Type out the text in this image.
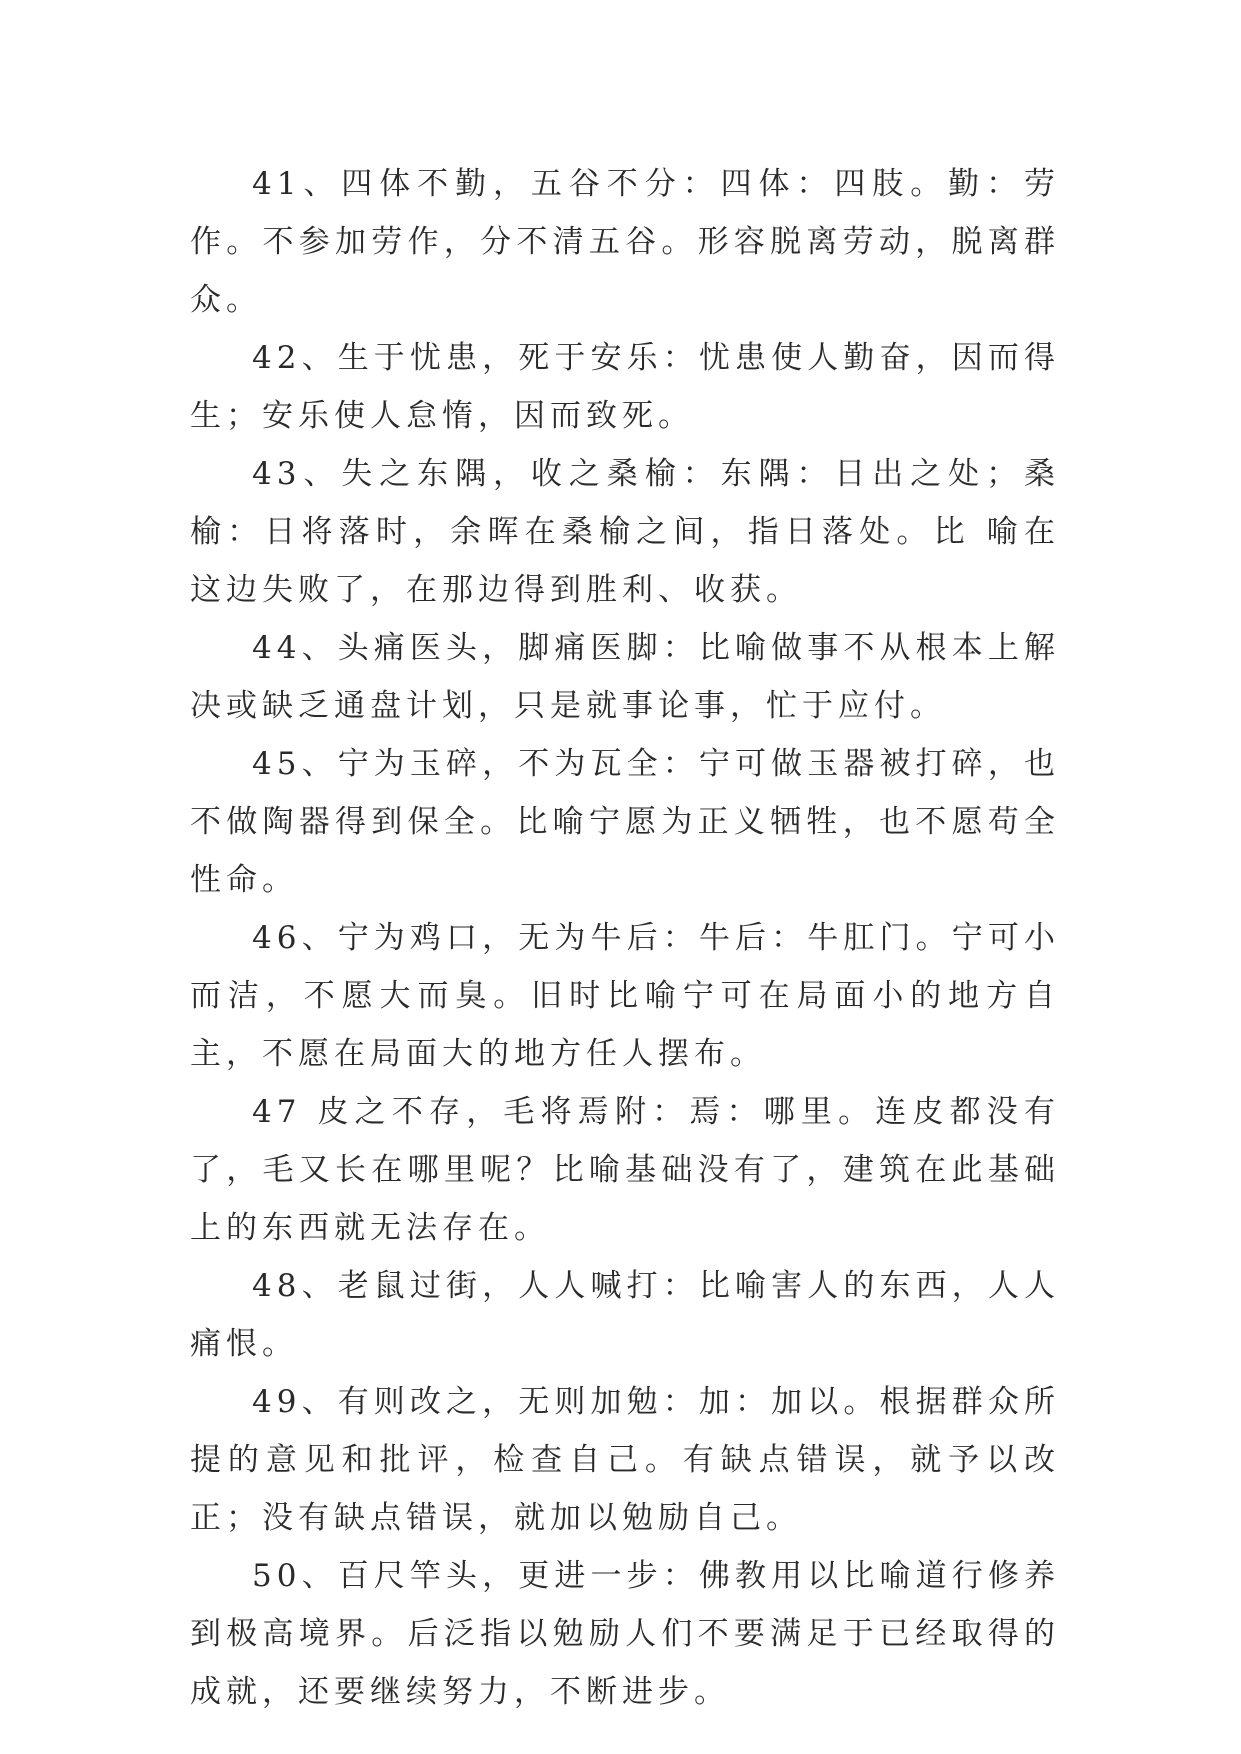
41、四体不勤，五谷不分：四体：四肢。勤：劳作。不参加劳作，分不清五谷。形容脱离劳动，脱离群众。

42、生于忧患，死于安乐：忧患使人勤奋，因而得生；安乐使人怠惰，因而致死。

43、失之东隅，收之桑榆：东隅：日出之处；桑榆：日将落时，余晖在桑榆之间，指日落处。比 喻在这边失败了，在那边得到胜利、收获。

44、头痛医头，脚痛医脚：比喻做事不从根本上解决或缺乏通盘计划，只是就事论事，忙于应付。

45、宁为玉碎，不为瓦全：宁可做玉器被打碎，也不做陶器得到保全。比喻宁愿为正义牺牲，也不愿苟全性命。

46、宁为鸡口，无为牛后：牛后：牛肛门。宁可小而洁，不愿大而臭。旧时比喻宁可在局面小的地方自主，不愿在局面大的地方任人摆布。

47 皮之不存，毛将焉附：焉：哪里。连皮都没有了，毛又长在哪里呢？比喻基础没有了，建筑在此基础上的东西就无法存在。

48、老鼠过街，人人喊打：比喻害人的东西，人人痛恨。

49、有则改之，无则加勉：加：加以。根据群众所提的意见和批评，检查自己。有缺点错误，就予以改正；没有缺点错误，就加以勉励自己。

50、百尺竿头，更进一步：佛教用以比喻道行修养到极高境界。后泛指以勉励人们不要满足于已经取得的成就，还要继续努力，不断进步。
